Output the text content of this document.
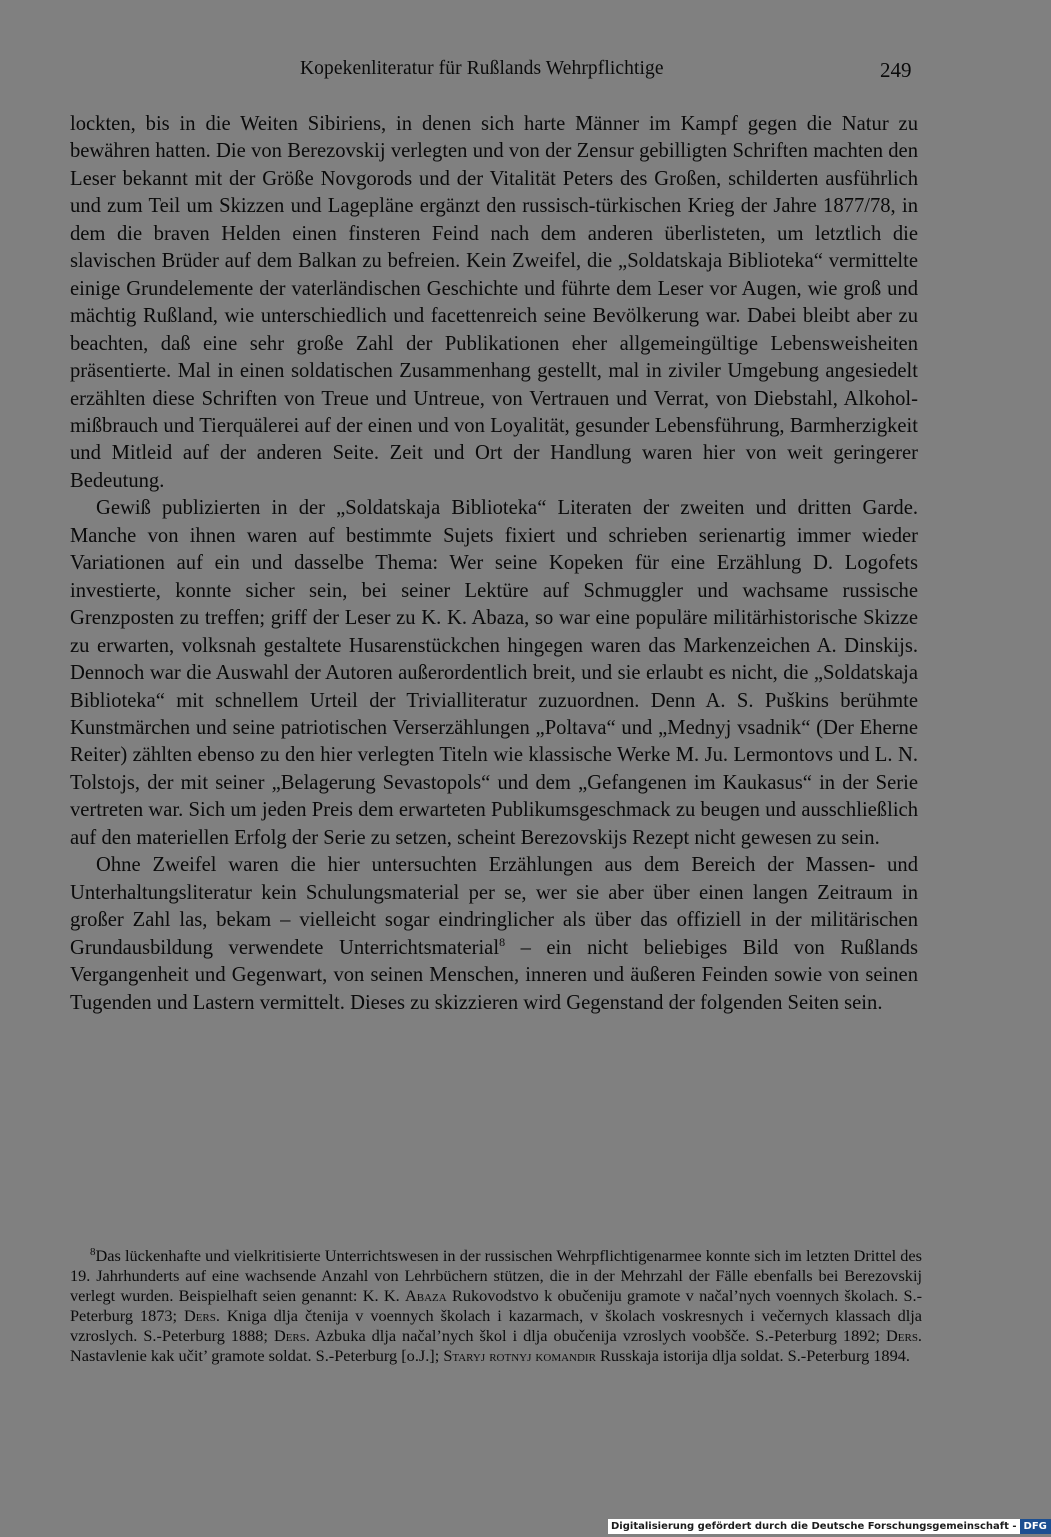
Kopekenliteratur für Rußlands Wehrpflichtige	249

lockten, bis in die Weiten Sibiriens, in denen sich harte Männer im Kampf gegen die Natur zu bewähren hatten. Die von Berezovskij verlegten und von der Zensur gebilligten Schriften machten den Leser bekannt mit der Größe Novgorods und der Vitalität Peters des Großen, schilderten ausführlich und zum Teil um Skizzen und Lagepläne ergänzt den russisch-türkischen Krieg der Jahre 1877/78, in dem die braven Helden einen finsteren Feind nach dem anderen überlisteten, um letztlich die slavischen Brüder auf dem Balkan zu befreien. Kein Zweifel, die „Soldatskaja Biblioteka“ vermittelte einige Grundelemente der vaterländischen Geschichte und führte dem Leser vor Augen, wie groß und mächtig Rußland, wie unterschiedlich und facettenreich seine Bevölkerung war. Dabei bleibt aber zu beachten, daß eine sehr große Zahl der Publikationen eher allgemeingültige Lebensweisheiten präsentierte. Mal in einen soldatischen Zusammenhang gestellt, mal in ziviler Umgebung angesiedelt erzählten diese Schriften von Treue und Untreue, von Vertrauen und Verrat, von Diebstahl, Alkoholmißbrauch und Tierquälerei auf der einen und von Loyalität, gesunder Lebensführung, Barmherzigkeit und Mitleid auf der anderen Seite. Zeit und Ort der Handlung waren hier von weit geringerer Bedeutung.

Gewiß publizierten in der „Soldatskaja Biblioteka“ Literaten der zweiten und dritten Garde. Manche von ihnen waren auf bestimmte Sujets fixiert und schrieben serienartig immer wieder Variationen auf ein und dasselbe Thema: Wer seine Kopeken für eine Erzählung D. Logofets investierte, konnte sicher sein, bei seiner Lektüre auf Schmuggler und wachsame russische Grenzposten zu treffen; griff der Leser zu K. K. Abaza, so war eine populäre militärhistorische Skizze zu erwarten, volksnah gestaltete Husarenstückchen hingegen waren das Markenzeichen A. Dinskijs. Dennoch war die Auswahl der Autoren außerordentlich breit, und sie erlaubt es nicht, die „Soldatskaja Biblioteka“ mit schnellem Urteil der Trivialliteratur zuzuordnen. Denn A. S. Puškins berühmte Kunstmärchen und seine patriotischen Verserzählungen „Poltava“ und „Mednyj vsadnik“ (Der Eherne Reiter) zählten ebenso zu den hier verlegten Titeln wie klassische Werke M. Ju. Lermontovs und L. N. Tolstojs, der mit seiner „Belagerung Sevastopols“ und dem „Gefangenen im Kaukasus“ in der Serie vertreten war. Sich um jeden Preis dem erwarteten Publikumsgeschmack zu beugen und ausschließlich auf den materiellen Erfolg der Serie zu setzen, scheint Berezovskijs Rezept nicht gewesen zu sein.

Ohne Zweifel waren die hier untersuchten Erzählungen aus dem Bereich der Massen- und Unterhaltungsliteratur kein Schulungsmaterial per se, wer sie aber über einen langen Zeitraum in großer Zahl las, bekam – vielleicht sogar eindringlicher als über das offiziell in der militärischen Grundausbildung verwendete Unterrichtsmaterial$^8$ – ein nicht beliebiges Bild von Rußlands Vergangenheit und Gegenwart, von seinen Menschen, inneren und äußeren Feinden sowie von seinen Tugenden und Lastern vermittelt. Dieses zu skizzieren wird Gegenstand der folgenden Seiten sein.

$^8$Das lückenhafte und vielkritisierte Unterrichtswesen in der russischen Wehrpflichtigenarmee konnte sich im letzten Drittel des 19. Jahrhunderts auf eine wachsende Anzahl von Lehrbüchern stützen, die in der Mehrzahl der Fälle ebenfalls bei Berezovskij verlegt wurden. Beispielhaft seien genannt: K. K. Abaza Rukovodstvo k obučeniju gramote v načal’nych voennych školach. S.-Peterburg 1873; Ders. Kniga dlja čtenija v voennych školach i kazarmach, v školach voskresnych i večernych klassach dlja vzroslych. S.-Peterburg 1888; Ders. Azbuka dlja načal’nych škol i dlja obučenija vzroslych voobšče. S.-Peterburg 1892; Ders. Nastavlenie kak učit’ gramote soldat. S.-Peterburg [o.J.]; Staryj rotnyj komandir Russkaja istorija dlja soldat. S.-Peterburg 1894.

Digitalisierung gefördert durch die Deutsche Forschungsgemeinschaft - DFG
